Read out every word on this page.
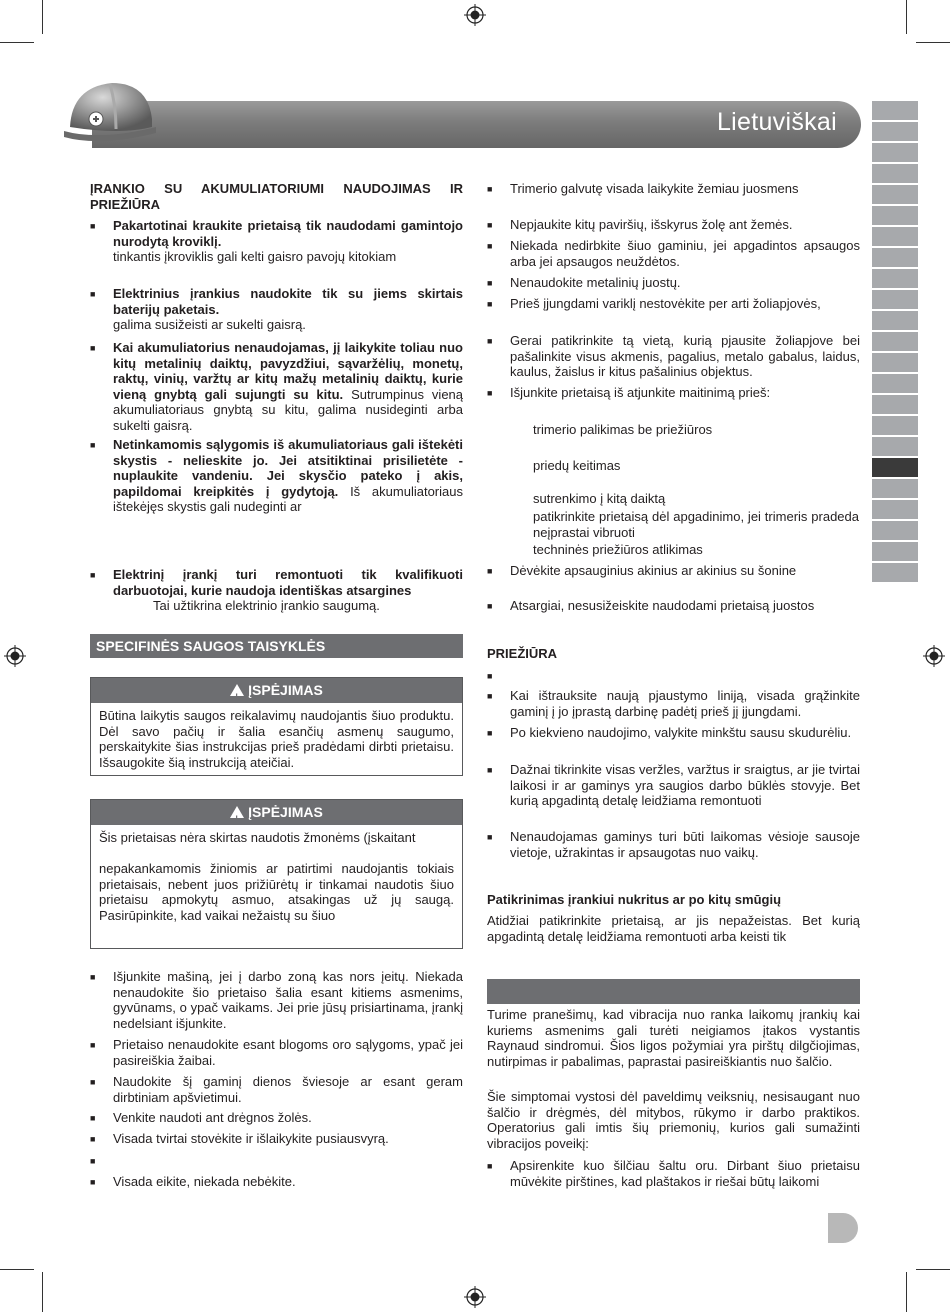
Lietuviškai
ĮRANKIO SU AKUMULIATORIUMI NAUDOJIMAS IR PRIEŽIŪRA
■ Pakartotinai kraukite prietaisą tik naudodami gamintojo nurodytą kroviklį.
tinkantis įkroviklis gali kelti gaisro pavojų kitokiam
■ Elektrinius įrankius naudokite tik su jiems skirtais baterijų paketais.
galima susižeisti ar sukelti gaisrą.
■ Kai akumuliatorius nenaudojamas, jį laikykite toliau nuo kitų metalinių daiktų, pavyzdžiui, sąvaržėlių, monetų, raktų, vinių, varžtų ar kitų mažų metalinių daiktų, kurie vieną gnybtą gali sujungti su kitu. Sutrumpinus vieną akumuliatoriaus gnybtą su kitu, galima nusideginti arba sukelti gaisrą.
■ Netinkamomis sąlygomis iš akumuliatoriaus gali ištekėti skystis - nelieskite jo. Jei atsitiktinai prisilietėte - nuplaukite vandeniu. Jei skysčio pateko į akis, papildomai kreipkitės į gydytoją. Iš akumuliatoriaus ištekėjęs skystis gali nudeginti ar
■ Elektrinį įrankį turi remontuoti tik kvalifikuoti darbuotojai, kurie naudoja identiškas atsargines
Tai užtikrina elektrinio įrankio saugumą.
SPECIFINĖS SAUGOS TAISYKLĖS
!ĮSPĖJIMAS
Būtina laikytis saugos reikalavimų naudojantis šiuo produktu. Dėl savo pačių ir šalia esančių asmenų saugumo, perskaitykite šias instrukcijas prieš pradėdami dirbti prietaisu. Išsaugokite šią instrukciją ateičiai.
!ĮSPĖJIMAS
Šis prietaisas nėra skirtas naudotis žmonėms (įskaitant
nepakankamomis žiniomis ar patirtimi naudojantis tokiais prietaisais, nebent juos prižiūrėtų ir tinkamai naudotis šiuo prietaisu apmokytų asmuo, atsakingas už jų saugą. Pasirūpinkite, kad vaikai nežaistų su šiuo
■ Išjunkite mašiną, jei į darbo zoną kas nors įeitų. Niekada nenaudokite šio prietaiso šalia esant kitiems asmenims, gyvūnams, o ypač vaikams. Jei prie jūsų prisiartinama, įrankį nedelsiant išjunkite.
■ Prietaiso nenaudokite esant blogoms oro sąlygoms, ypač jei pasireiškia žaibai.
■ Naudokite šį gaminį dienos šviesoje ar esant geram dirbtiniam apšvietimui.
■ Venkite naudoti ant drėgnos žolės.
■ Visada tvirtai stovėkite ir išlaikykite pusiausvyrą.
■
■ Visada eikite, niekada nebėkite.
■ Trimerio galvutę visada laikykite žemiau juosmens
■ Nepjaukite kitų paviršių, išskyrus žolę ant žemės.
■ Niekada nedirbkite šiuo gaminiu, jei apgadintos apsaugos arba jei apsaugos neuždėtos.
■ Nenaudokite metalinių juostų.
■ Prieš įjungdami variklį nestovėkite per arti žoliapjovės,
■ Gerai patikrinkite tą vietą, kurią pjausite žoliapjove bei pašalinkite visus akmenis, pagalius, metalo gabalus, laidus, kaulus, žaislus ir kitus pašalinius objektus.
■ Išjunkite prietaisą iš atjunkite maitinimą prieš:
trimerio palikimas be priežiūros
priedų keitimas
sutrenkimo į kitą daiktą
patikrinkite prietaisą dėl apgadinimo, jei trimeris pradeda neįprastai vibruoti
techninės priežiūros atlikimas
■ Dėvėkite apsauginius akinius ar akinius su šonine
■ Atsargiai, nesusižeiskite naudodami prietaisą juostos
PRIEŽIŪRA
■
■ Kai ištrauksite naują pjaustymo liniją, visada grąžinkite gaminį į jo įprastą darbinę padėtį prieš jį įjungdami.
■ Po kiekvieno naudojimo, valykite minkštu sausu skudurėliu.
■ Dažnai tikrinkite visas veržles, varžtus ir sraigtus, ar jie tvirtai laikosi ir ar gaminys yra saugios darbo būklės stovyje. Bet kurią apgadintą detalę leidžiama remontuoti
■ Nenaudojamas gaminys turi būti laikomas vėsioje sausoje vietoje, užrakintas ir apsaugotas nuo vaikų.
Patikrinimas įrankiui nukritus ar po kitų smūgių
Atidžiai patikrinkite prietaisą, ar jis nepažeistas. Bet kurią apgadintą detalę leidžiama remontuoti arba keisti tik
Turime pranešimų, kad vibracija nuo ranka laikomų įrankių kai kuriems asmenims gali turėti neigiamos įtakos vystantis Raynaud sindromui. Šios ligos požymiai yra pirštų dilgčiojimas, nutirpimas ir pabalimas, paprastai pasireiškiantis nuo šalčio.
Šie simptomai vystosi dėl paveldimų veiksnių, nesisaugant nuo šalčio ir drėgmės, dėl mitybos, rūkymo ir darbo praktikos. Operatorius gali imtis šių priemonių, kurios gali sumažinti vibracijos poveikį:
■ Apsirenkite kuo šilčiau šaltu oru. Dirbant šiuo prietaisu mūvėkite pirštines, kad plaštakos ir riešai būtų laikomi
